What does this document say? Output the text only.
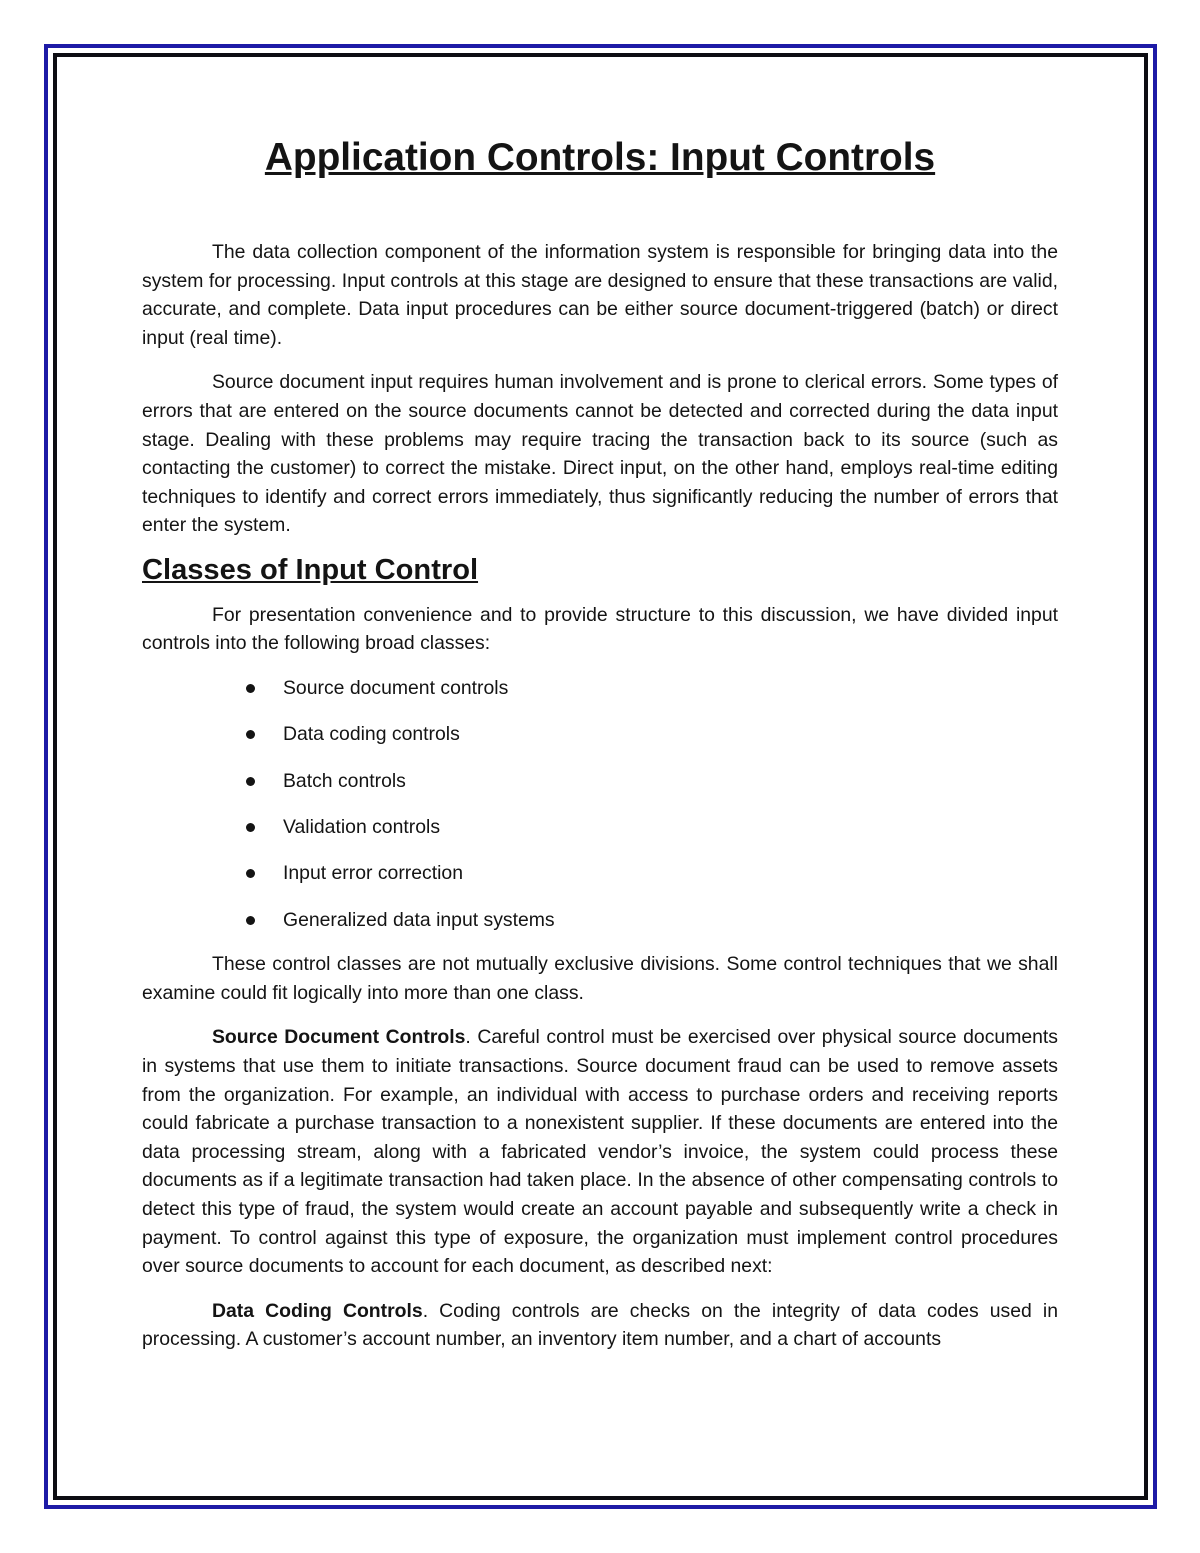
Application Controls: Input Controls

The data collection component of the information system is responsible for bringing data into the system for processing. Input controls at this stage are designed to ensure that these transactions are valid, accurate, and complete. Data input procedures can be either source document-triggered (batch) or direct input (real time).

Source document input requires human involvement and is prone to clerical errors. Some types of errors that are entered on the source documents cannot be detected and corrected during the data input stage. Dealing with these problems may require tracing the transaction back to its source (such as contacting the customer) to correct the mistake. Direct input, on the other hand, employs real-time editing techniques to identify and correct errors immediately, thus significantly reducing the number of errors that enter the system.

Classes of Input Control

For presentation convenience and to provide structure to this discussion, we have divided input controls into the following broad classes:

Source document controls
Data coding controls
Batch controls
Validation controls
Input error correction
Generalized data input systems

These control classes are not mutually exclusive divisions. Some control techniques that we shall examine could fit logically into more than one class.

Source Document Controls. Careful control must be exercised over physical source documents in systems that use them to initiate transactions. Source document fraud can be used to remove assets from the organization. For example, an individual with access to purchase orders and receiving reports could fabricate a purchase transaction to a nonexistent supplier. If these documents are entered into the data processing stream, along with a fabricated vendor’s invoice, the system could process these documents as if a legitimate transaction had taken place. In the absence of other compensating controls to detect this type of fraud, the system would create an account payable and subsequently write a check in payment. To control against this type of exposure, the organization must implement control procedures over source documents to account for each document, as described next:

Data Coding Controls. Coding controls are checks on the integrity of data codes used in processing. A customer’s account number, an inventory item number, and a chart of accounts
